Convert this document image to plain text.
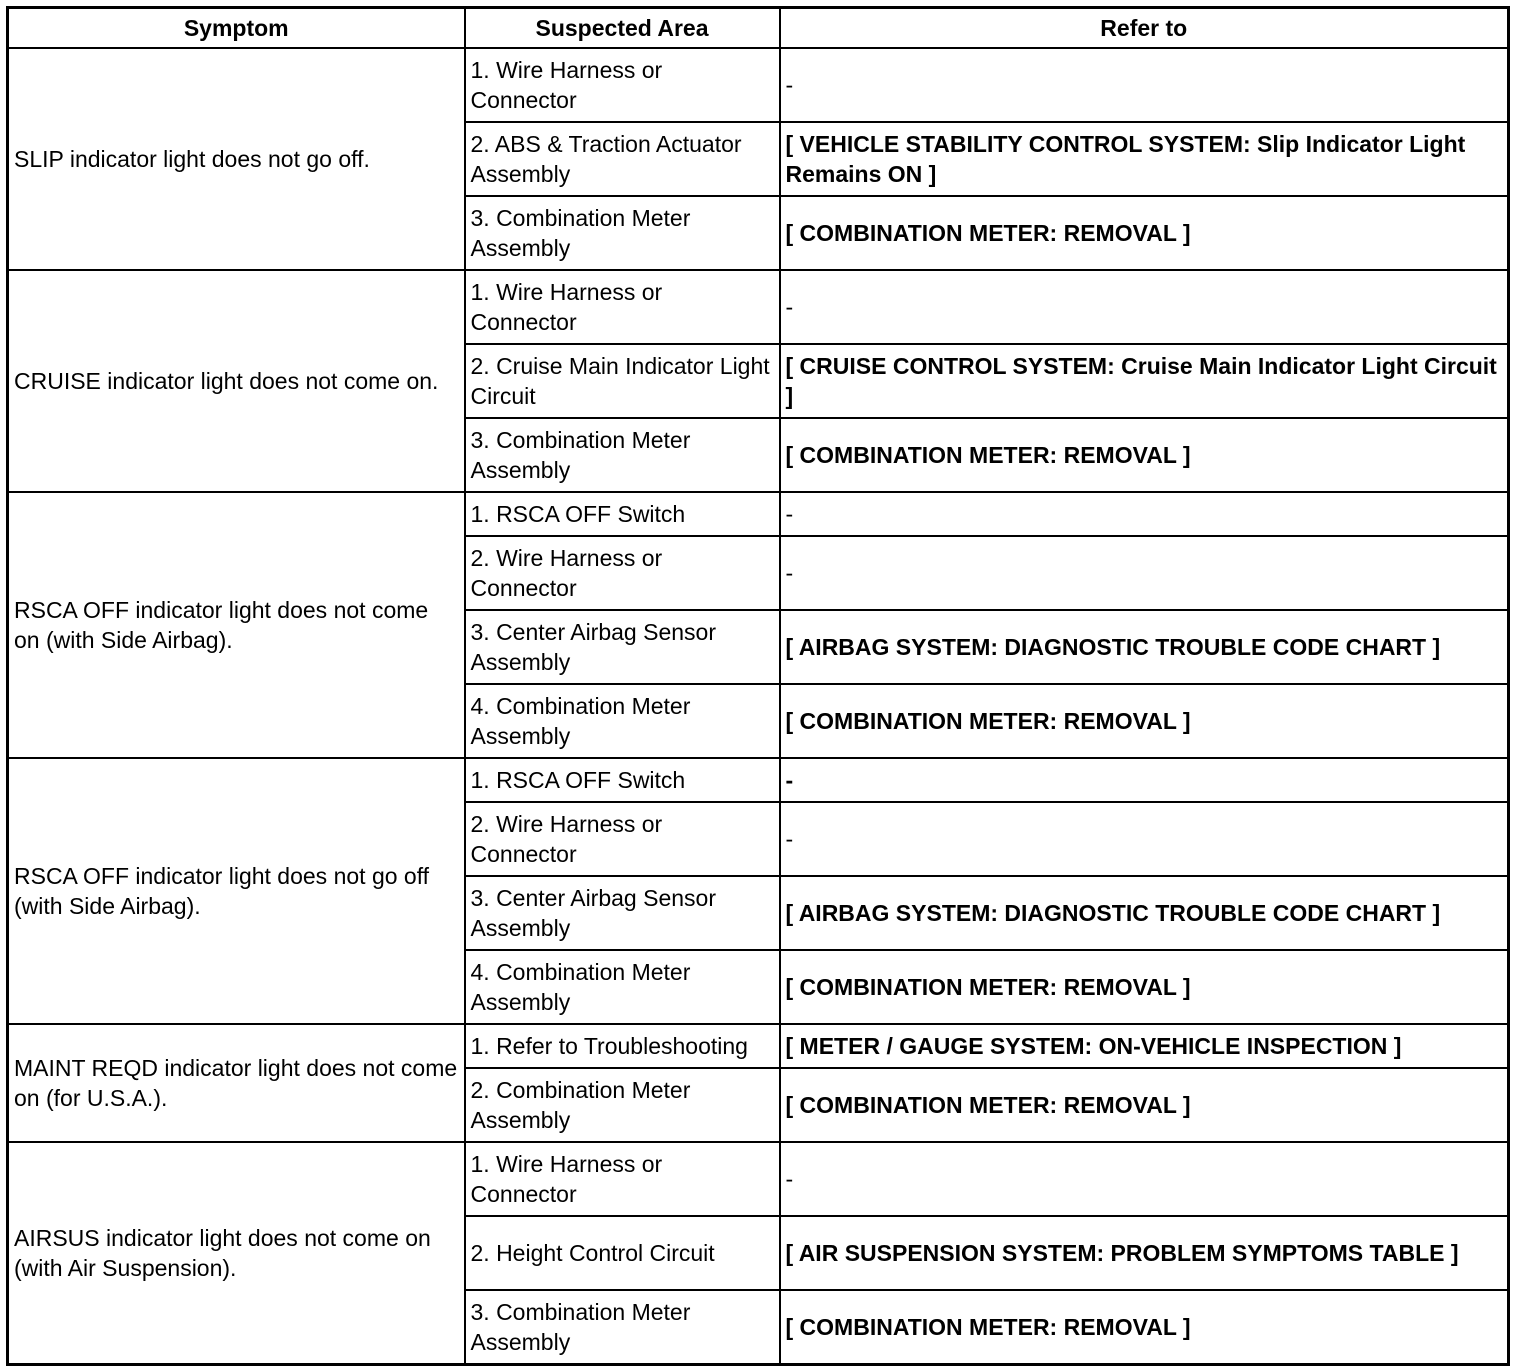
Symptom	Suspected Area	Refer to
SLIP indicator light does not go off.	1. Wire Harness or Connector	-
	2. ABS & Traction Actuator Assembly	[ VEHICLE STABILITY CONTROL SYSTEM: Slip Indicator Light Remains ON ]
	3. Combination Meter Assembly	[ COMBINATION METER: REMOVAL ]
CRUISE indicator light does not come on.	1. Wire Harness or Connector	-
	2. Cruise Main Indicator Light Circuit	[ CRUISE CONTROL SYSTEM: Cruise Main Indicator Light Circuit ]
	3. Combination Meter Assembly	[ COMBINATION METER: REMOVAL ]
RSCA OFF indicator light does not come on (with Side Airbag).	1. RSCA OFF Switch	-
	2. Wire Harness or Connector	-
	3. Center Airbag Sensor Assembly	[ AIRBAG SYSTEM: DIAGNOSTIC TROUBLE CODE CHART ]
	4. Combination Meter Assembly	[ COMBINATION METER: REMOVAL ]
RSCA OFF indicator light does not go off (with Side Airbag).	1. RSCA OFF Switch	-
	2. Wire Harness or Connector	-
	3. Center Airbag Sensor Assembly	[ AIRBAG SYSTEM: DIAGNOSTIC TROUBLE CODE CHART ]
	4. Combination Meter Assembly	[ COMBINATION METER: REMOVAL ]
MAINT REQD indicator light does not come on (for U.S.A.).	1. Refer to Troubleshooting	[ METER / GAUGE SYSTEM: ON-VEHICLE INSPECTION ]
	2. Combination Meter Assembly	[ COMBINATION METER: REMOVAL ]
AIRSUS indicator light does not come on (with Air Suspension).	1. Wire Harness or Connector	-
	2. Height Control Circuit	[ AIR SUSPENSION SYSTEM: PROBLEM SYMPTOMS TABLE ]
	3. Combination Meter Assembly	[ COMBINATION METER: REMOVAL ]
